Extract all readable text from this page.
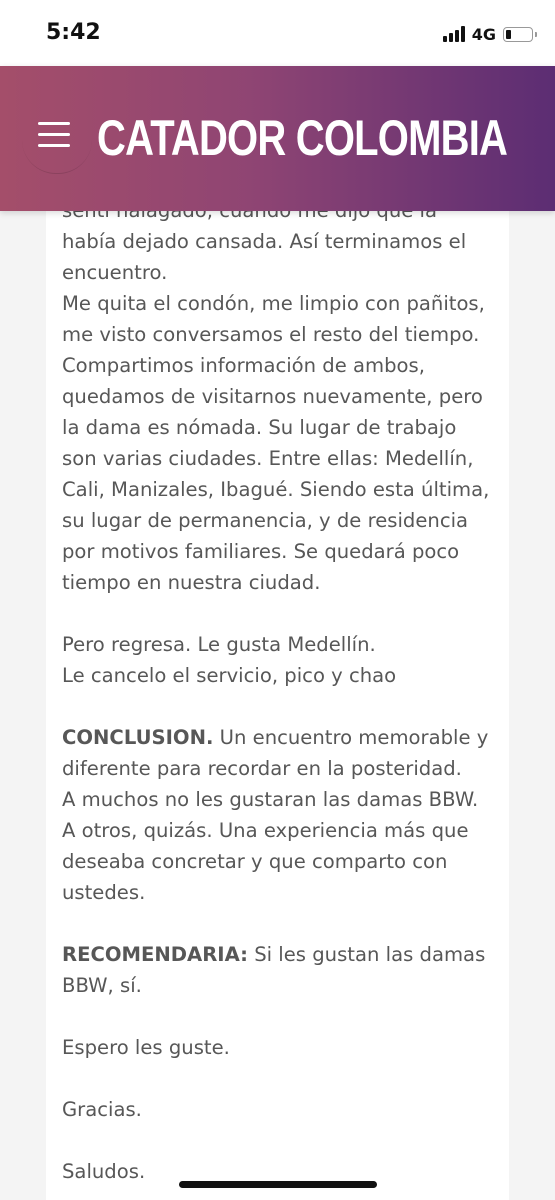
5:42	4G
había dejado cansada. Así terminamos el
encuentro.
Me quita el condón, me limpio con pañitos,
me visto conversamos el resto del tiempo.
Compartimos información de ambos,
quedamos de visitarnos nuevamente, pero
la dama es nómada. Su lugar de trabajo
son varias ciudades. Entre ellas: Medellín,
Cali, Manizales, Ibagué. Siendo esta última,
su lugar de permanencia, y de residencia
por motivos familiares. Se quedará poco
tiempo en nuestra ciudad.
Pero regresa. Le gusta Medellín.
Le cancelo el servicio, pico y chao
CONCLUSION. Un encuentro memorable y
diferente para recordar en la posteridad.
A muchos no les gustaran las damas BBW.
A otros, quizás. Una experiencia más que
deseaba concretar y que comparto con
ustedes.
RECOMENDARIA: Si les gustan las damas
BBW, sí.
Espero les guste.
Gracias.
Saludos.
CATADOR COLOMBIA
